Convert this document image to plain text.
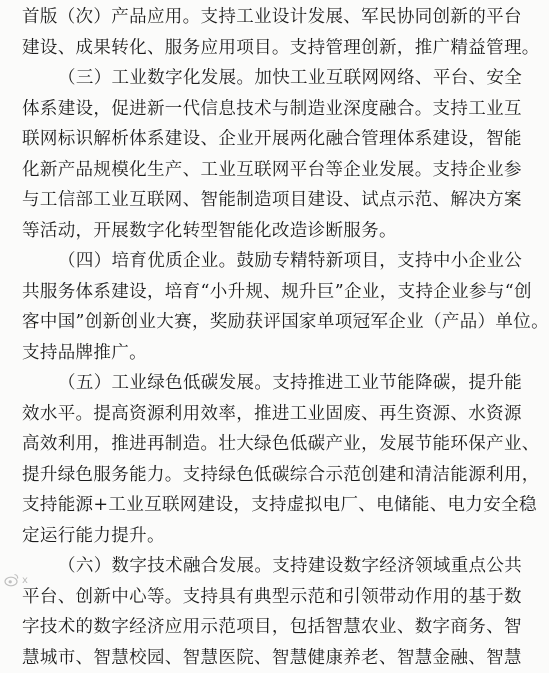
首版（次）产品应用。支持工业设计发展、军民协同创新的平台
建设、成果转化、服务应用项目。支持管理创新，推广精益管理。
（三）工业数字化发展。加快工业互联网网络、平台、安全
体系建设，促进新一代信息技术与制造业深度融合。支持工业互
联网标识解析体系建设、企业开展两化融合管理体系建设，智能
化新产品规模化生产、工业互联网平台等企业发展。支持企业参
与工信部工业互联网、智能制造项目建设、试点示范、解决方案
等活动，开展数字化转型智能化改造诊断服务。
（四）培育优质企业。鼓励专精特新项目，支持中小企业公
共服务体系建设，培育“小升规、规升巨”企业，支持企业参与“创
客中国”创新创业大赛，奖励获评国家单项冠军企业（产品）单位。
支持品牌推广。
（五）工业绿色低碳发展。支持推进工业节能降碳，提升能
效水平。提高资源利用效率，推进工业固废、再生资源、水资源
高效利用，推进再制造。壮大绿色低碳产业，发展节能环保产业、
提升绿色服务能力。支持绿色低碳综合示范创建和清洁能源利用，
支持能源+工业互联网建设，支持虚拟电厂、电储能、电力安全稳
定运行能力提升。
（六）数字技术融合发展。支持建设数字经济领域重点公共
平台、创新中心等。支持具有典型示范和引领带动作用的基于数
字技术的数字经济应用示范项目，包括智慧农业、数字商务、智
慧城市、智慧校园、智慧医院、智慧健康养老、智慧金融、智慧
x
